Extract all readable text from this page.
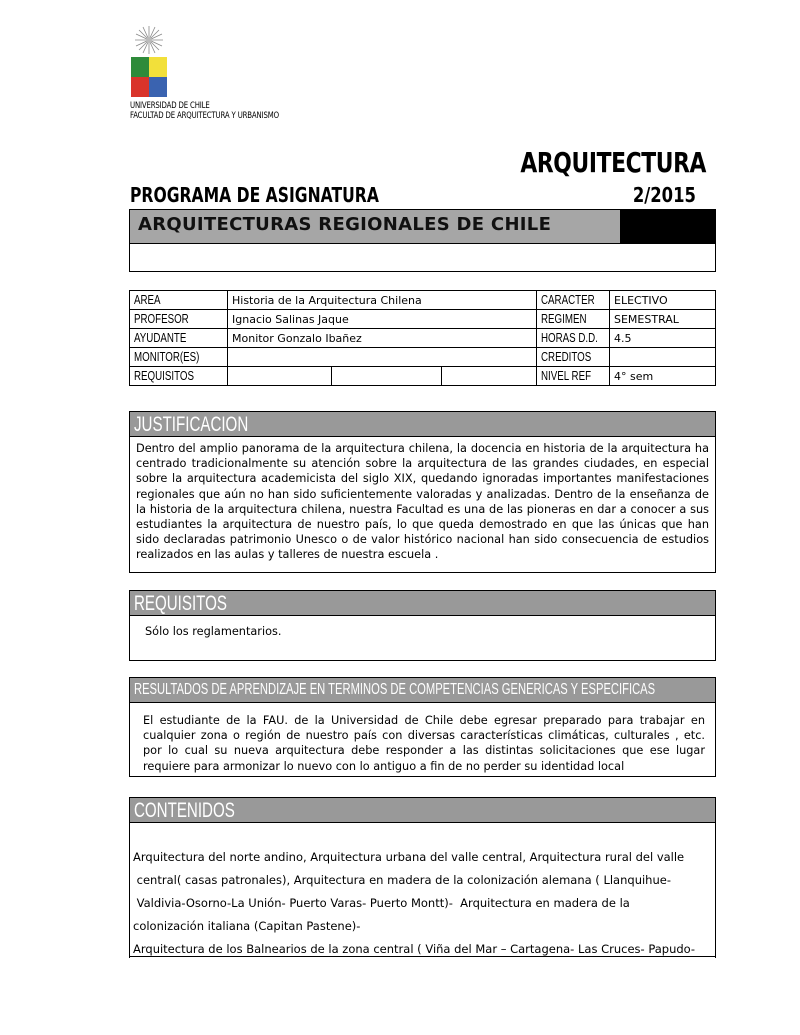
UNIVERSIDAD DE CHILE
FACULTAD DE ARQUITECTURA Y URBANISMO
ARQUITECTURA
PROGRAMA DE ASIGNATURA	2/2015
ARQUITECTURAS REGIONALES DE CHILE
AREA	Historia de la Arquitectura Chilena			CARACTER	ELECTIVO
PROFESOR	Ignacio Salinas Jaque			REGIMEN	SEMESTRAL
AYUDANTE	Monitor Gonzalo Ibañez			HORAS D.D.	4.5
MONITOR(ES)				CREDITOS	
REQUISITOS				NIVEL REF	4° sem
JUSTIFICACION
Dentro del amplio panorama de la arquitectura chilena, la docencia en historia de la arquitectura ha centrado tradicionalmente su atención sobre la arquitectura de las grandes ciudades, en especial sobre la arquitectura academicista del siglo XIX, quedando ignoradas importantes manifestaciones regionales que aún no han sido suficientemente valoradas y analizadas. Dentro de la enseñanza de la historia de la arquitectura chilena, nuestra Facultad es una de las pioneras en dar a conocer a sus estudiantes la arquitectura de nuestro país, lo que queda demostrado en que las únicas que han sido declaradas patrimonio Unesco o de valor histórico nacional han sido consecuencia de estudios realizados en las aulas y talleres de nuestra escuela .
REQUISITOS
Sólo los reglamentarios.
RESULTADOS DE APRENDIZAJE EN TERMINOS DE COMPETENCIAS GENERICAS Y ESPECIFICAS
El estudiante de la FAU. de la Universidad de Chile debe egresar preparado para trabajar en cualquier zona o región de nuestro país con diversas características climáticas, culturales , etc. por lo cual su nueva arquitectura debe responder a las distintas solicitaciones que ese lugar requiere para armonizar lo nuevo con lo antiguo a fin de no perder su identidad local
CONTENIDOS

Arquitectura del norte andino, Arquitectura urbana del valle central, Arquitectura rural del valle

central( casas patronales), Arquitectura en madera de la colonización alemana ( Llanquihue-

Valdivia-Osorno-La Unión- Puerto Varas- Puerto Montt)-  Arquitectura en madera de la

colonización italiana (Capitan Pastene)-

Arquitectura de los Balnearios de la zona central ( Viña del Mar – Cartagena- Las Cruces- Papudo-
